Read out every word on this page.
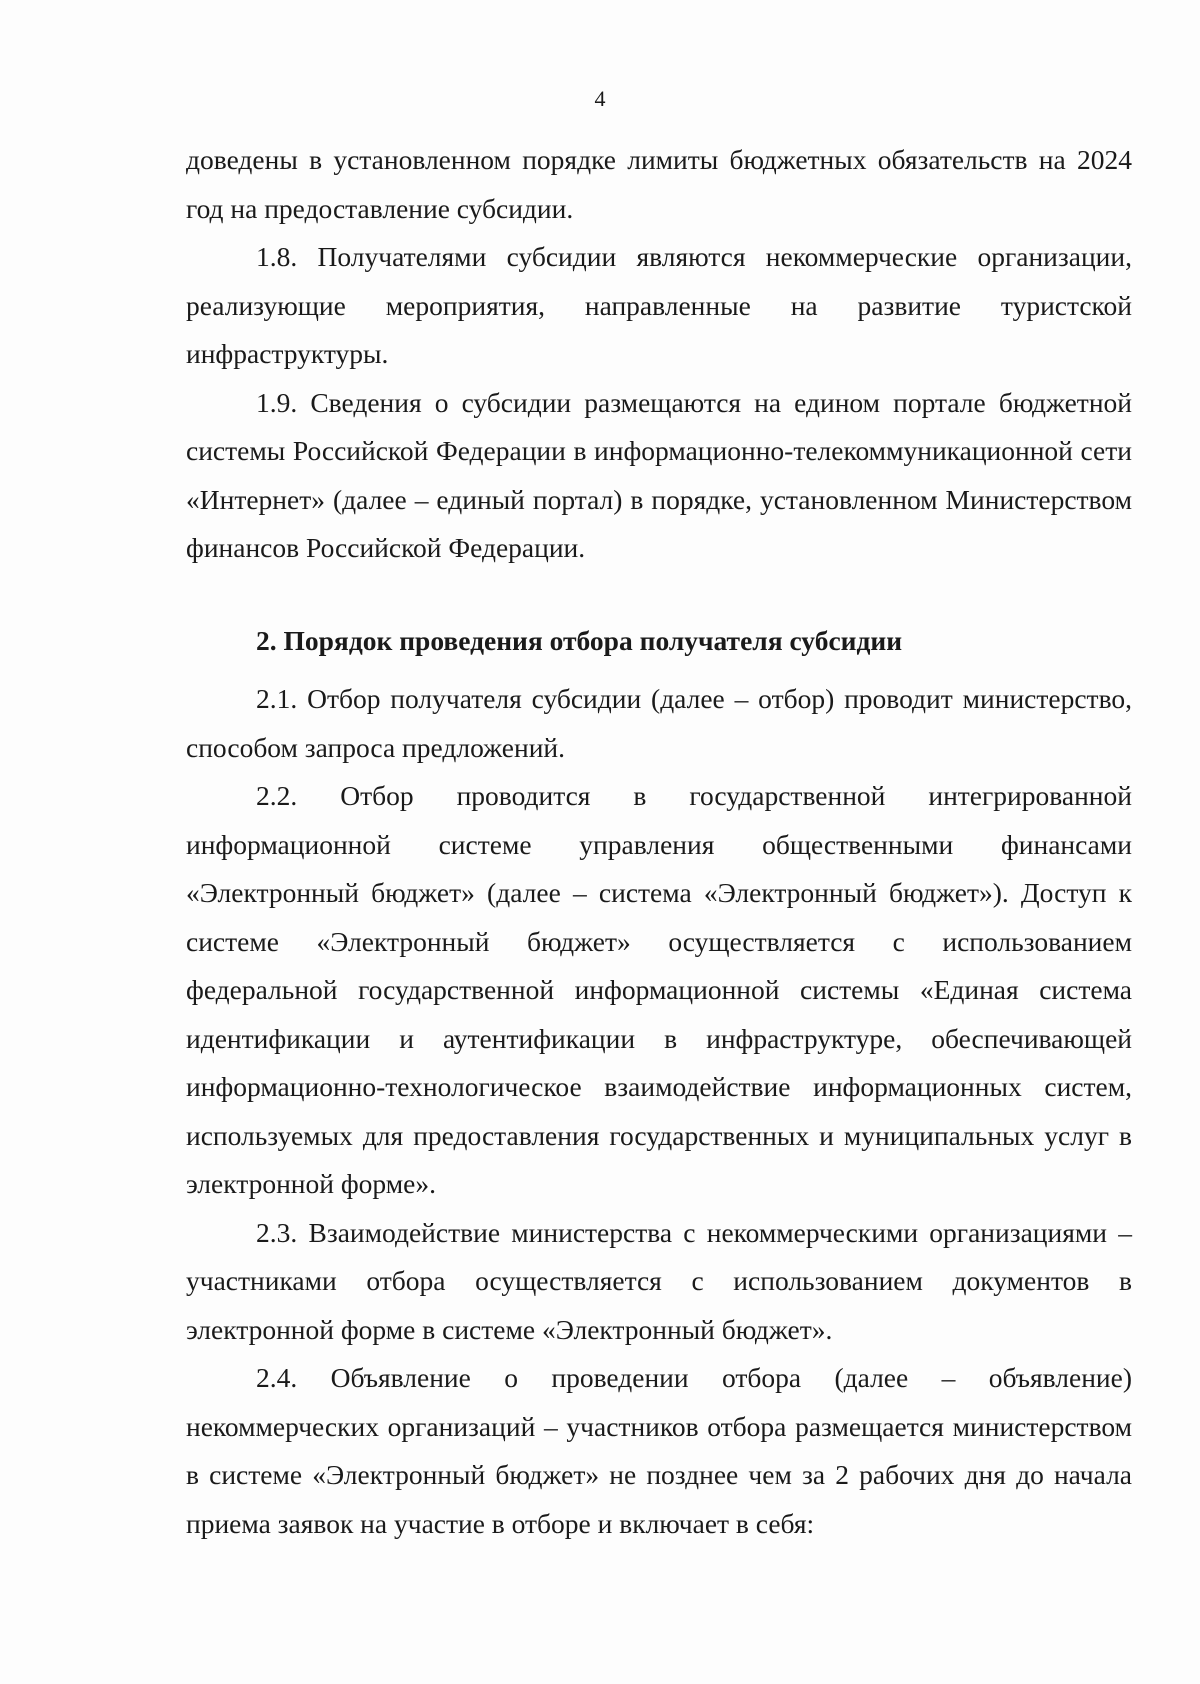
4

доведены в установленном порядке лимиты бюджетных обязательств на 2024 год на предоставление субсидии.

1.8. Получателями субсидии являются некоммерческие организации, реализующие мероприятия, направленные на развитие туристской инфраструктуры.

1.9. Сведения о субсидии размещаются на едином портале бюджетной системы Российской Федерации в информационно-телекоммуникационной сети «Интернет» (далее – единый портал) в порядке, установленном Министерством финансов Российской Федерации.

2. Порядок проведения отбора получателя субсидии

2.1. Отбор получателя субсидии (далее – отбор) проводит министерство, способом запроса предложений.

2.2. Отбор проводится в государственной интегрированной информационной системе управления общественными финансами «Электронный бюджет» (далее – система «Электронный бюджет»). Доступ к системе «Электронный бюджет» осуществляется с использованием федеральной государственной информационной системы «Единая система идентификации и аутентификации в инфраструктуре, обеспечивающей информационно-технологическое взаимодействие информационных систем, используемых для предоставления государственных и муниципальных услуг в электронной форме».

2.3. Взаимодействие министерства с некоммерческими организациями – участниками отбора осуществляется с использованием документов в электронной форме в системе «Электронный бюджет».

2.4. Объявление о проведении отбора (далее – объявление) некоммерческих организаций – участников отбора размещается министерством в системе «Электронный бюджет» не позднее чем за 2 рабочих дня до начала приема заявок на участие в отборе и включает в себя:
